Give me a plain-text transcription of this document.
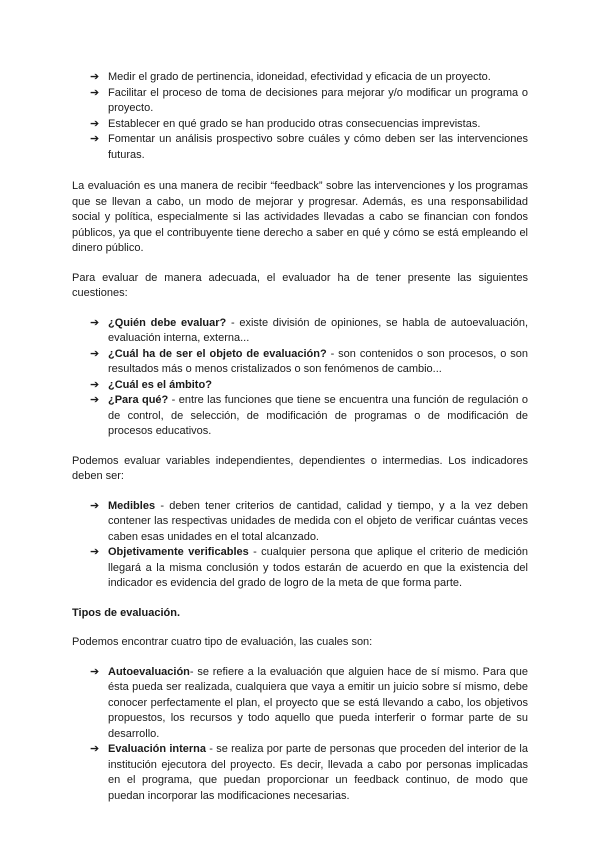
➔ Medir el grado de pertinencia, idoneidad, efectividad y eficacia de un proyecto.
➔ Facilitar el proceso de toma de decisiones para mejorar y/o modificar un programa o proyecto.
➔ Establecer en qué grado se han producido otras consecuencias imprevistas.
➔ Fomentar un análisis prospectivo sobre cuáles y cómo deben ser las intervenciones futuras.

La evaluación es una manera de recibir “feedback” sobre las intervenciones y los programas que se llevan a cabo, un modo de mejorar y progresar. Además, es una responsabilidad social y política, especialmente si las actividades llevadas a cabo se financian con fondos públicos, ya que el contribuyente tiene derecho a saber en qué y cómo se está empleando el dinero público.

Para evaluar de manera adecuada, el evaluador ha de tener presente las siguientes cuestiones:

➔ ¿Quién debe evaluar? - existe división de opiniones, se habla de autoevaluación, evaluación interna, externa...
➔ ¿Cuál ha de ser el objeto de evaluación? - son contenidos o son procesos, o son resultados más o menos cristalizados o son fenómenos de cambio...
➔ ¿Cuál es el ámbito?
➔ ¿Para qué? - entre las funciones que tiene se encuentra una función de regulación o de control, de selección, de modificación de programas o de modificación de procesos educativos.

Podemos evaluar variables independientes, dependientes o intermedias. Los indicadores deben ser:

➔ Medibles - deben tener criterios de cantidad, calidad y tiempo, y a la vez deben contener las respectivas unidades de medida con el objeto de verificar cuántas veces caben esas unidades en el total alcanzado.
➔ Objetivamente verificables - cualquier persona que aplique el criterio de medición llegará a la misma conclusión y todos estarán de acuerdo en que la existencia del indicador es evidencia del grado de logro de la meta de que forma parte.

Tipos de evaluación.

Podemos encontrar cuatro tipo de evaluación, las cuales son:

➔ Autoevaluación- se refiere a la evaluación que alguien hace de sí mismo. Para que ésta pueda ser realizada, cualquiera que vaya a emitir un juicio sobre sí mismo, debe conocer perfectamente el plan, el proyecto que se está llevando a cabo, los objetivos propuestos, los recursos y todo aquello que pueda interferir o formar parte de su desarrollo.
➔ Evaluación interna - se realiza por parte de personas que proceden del interior de la institución ejecutora del proyecto. Es decir, llevada a cabo por personas implicadas en el programa, que puedan proporcionar un feedback continuo, de modo que puedan incorporar las modificaciones necesarias.
